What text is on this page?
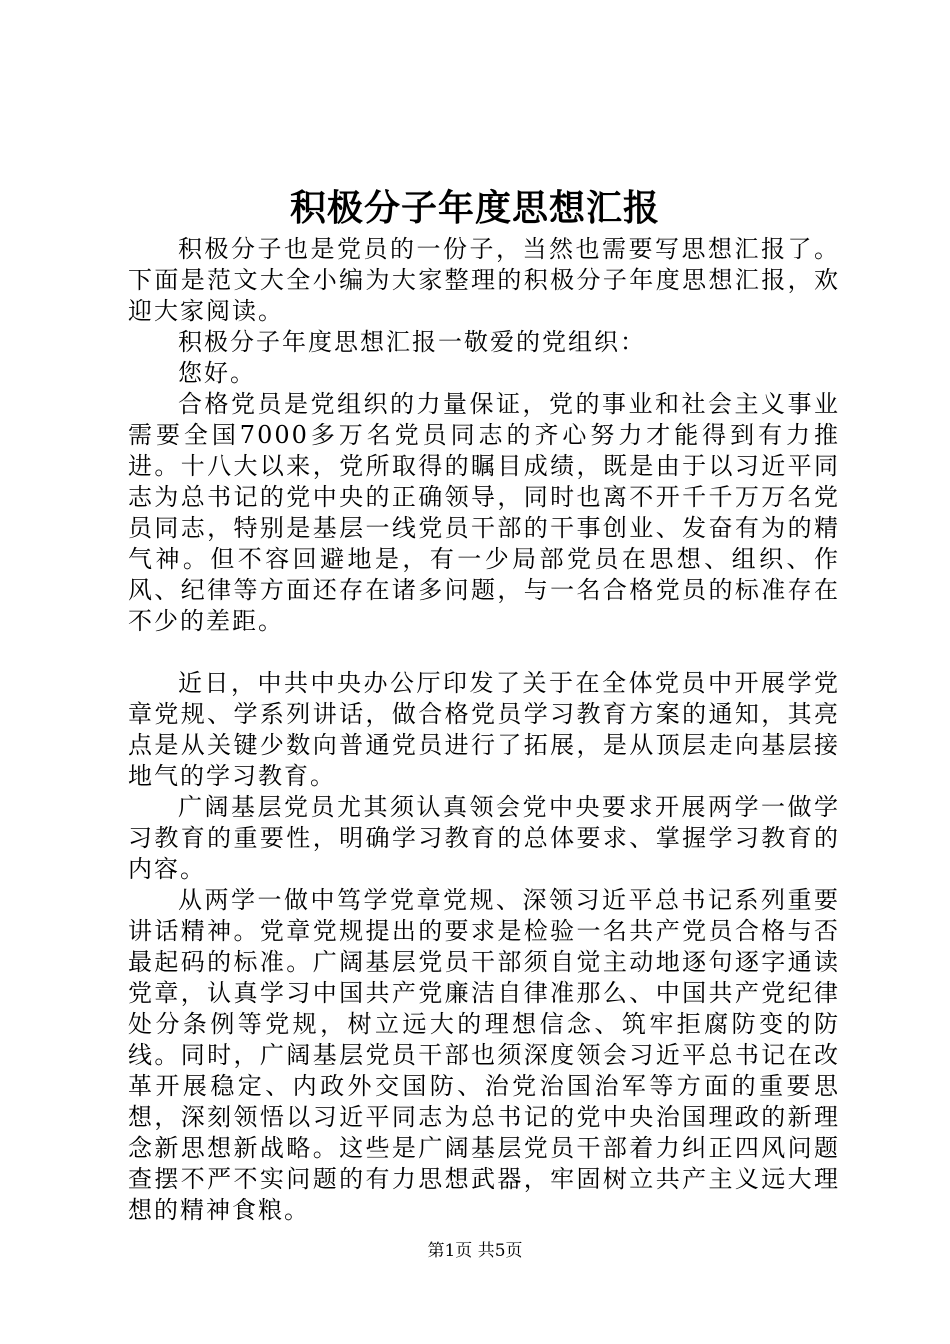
积极分子年度思想汇报

积极分子也是党员的一份子，当然也需要写思想汇报了。下面是范文大全小编为大家整理的积极分子年度思想汇报，欢迎大家阅读。

积极分子年度思想汇报一敬爱的党组织：

您好。

合格党员是党组织的力量保证，党的事业和社会主义事业需要全国7000多万名党员同志的齐心努力才能得到有力推进。十八大以来，党所取得的瞩目成绩，既是由于以习近平同志为总书记的党中央的正确领导，同时也离不开千千万万名党员同志，特别是基层一线党员干部的干事创业、发奋有为的精气神。但不容回避地是，有一少局部党员在思想、组织、作风、纪律等方面还存在诸多问题，与一名合格党员的标准存在不少的差距。

近日，中共中央办公厅印发了关于在全体党员中开展学党章党规、学系列讲话，做合格党员学习教育方案的通知，其亮点是从关键少数向普通党员进行了拓展，是从顶层走向基层接地气的学习教育。

广阔基层党员尤其须认真领会党中央要求开展两学一做学习教育的重要性，明确学习教育的总体要求、掌握学习教育的内容。

从两学一做中笃学党章党规、深领习近平总书记系列重要讲话精神。党章党规提出的要求是检验一名共产党员合格与否最起码的标准。广阔基层党员干部须自觉主动地逐句逐字通读党章，认真学习中国共产党廉洁自律准那么、中国共产党纪律处分条例等党规，树立远大的理想信念、筑牢拒腐防变的防线。同时，广阔基层党员干部也须深度领会习近平总书记在改革开展稳定、内政外交国防、治党治国治军等方面的重要思想，深刻领悟以习近平同志为总书记的党中央治国理政的新理念新思想新战略。这些是广阔基层党员干部着力纠正四风问题查摆不严不实问题的有力思想武器，牢固树立共产主义远大理想的精神食粮。

第1页 共5页
